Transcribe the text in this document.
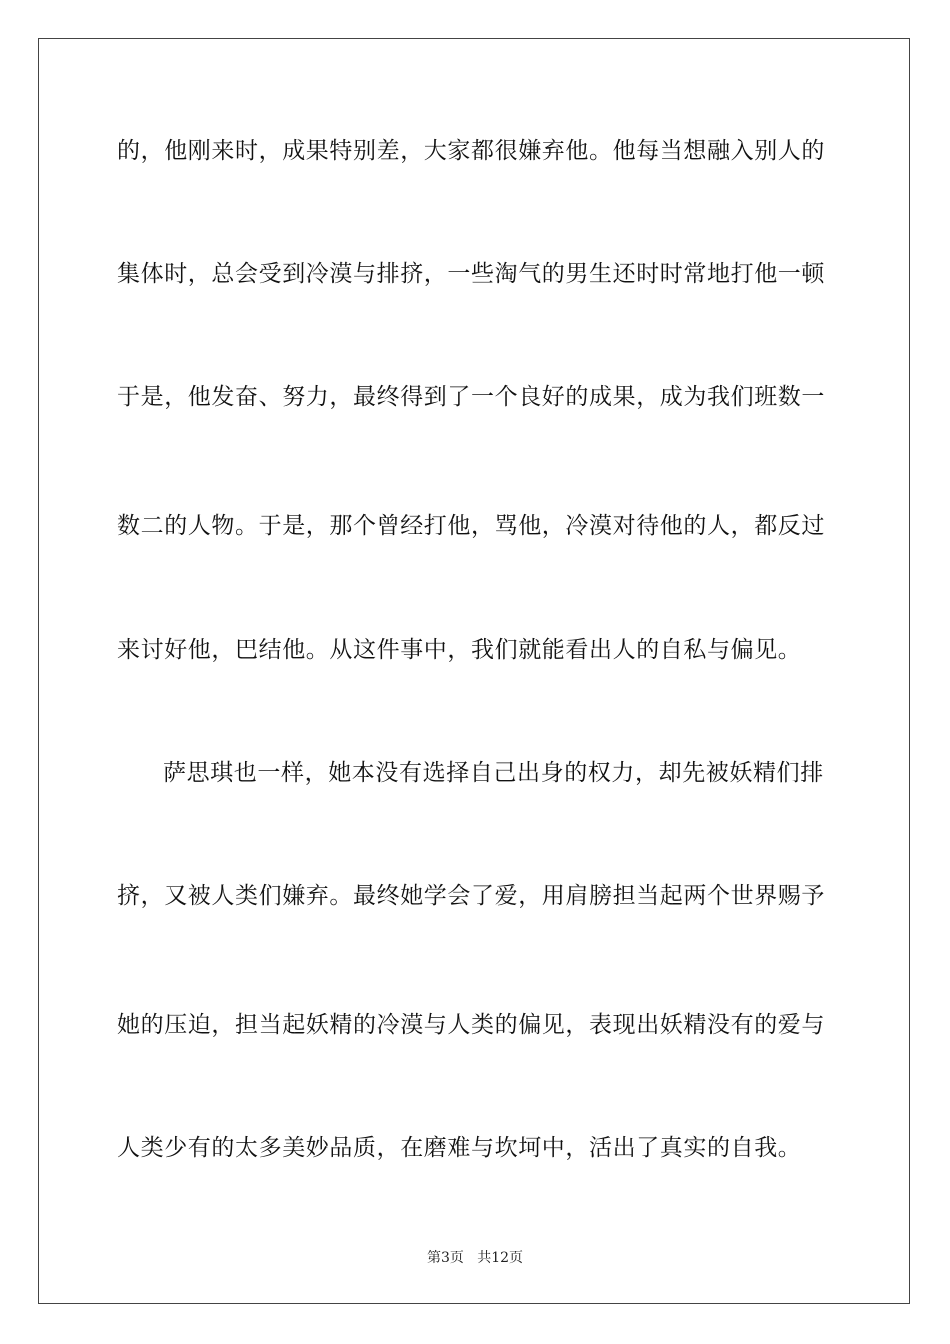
的，他刚来时，成果特别差，大家都很嫌弃他。他每当想融入别人的

集体时，总会受到冷漠与排挤，一些淘气的男生还时时常地打他一顿

于是，他发奋、努力，最终得到了一个良好的成果，成为我们班数一

数二的人物。于是，那个曾经打他，骂他，冷漠对待他的人，都反过

来讨好他，巴结他。从这件事中，我们就能看出人的自私与偏见。

萨思琪也一样，她本没有选择自己出身的权力，却先被妖精们排

挤，又被人类们嫌弃。最终她学会了爱，用肩膀担当起两个世界赐予

她的压迫，担当起妖精的冷漠与人类的偏见，表现出妖精没有的爱与

人类少有的太多美妙品质，在磨难与坎坷中，活出了真实的自我。

第3页   共12页
